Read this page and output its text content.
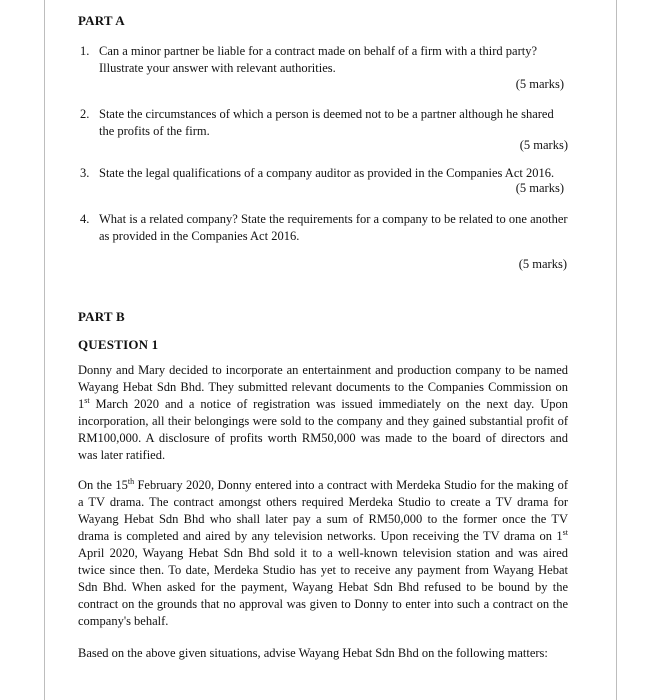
PART A
1. Can a minor partner be liable for a contract made on behalf of a firm with a third party?
Illustrate your answer with relevant authorities.
(5 marks)
2. State the circumstances of which a person is deemed not to be a partner although he shared
the profits of the firm.
(5 marks)
3. State the legal qualifications of a company auditor as provided in the Companies Act 2016.
(5 marks)
4. What is a related company? State the requirements for a company to be related to one another
as provided in the Companies Act 2016.
(5 marks)
PART B
QUESTION 1
Donny and Mary decided to incorporate an entertainment and production company to be named
Wayang Hebat Sdn Bhd. They submitted relevant documents to the Companies Commission on
1st March 2020 and a notice of registration was issued immediately on the next day. Upon
incorporation, all their belongings were sold to the company and they gained substantial profit of
RM100,000. A disclosure of profits worth RM50,000 was made to the board of directors and
was later ratified.
On the 15th February 2020, Donny entered into a contract with Merdeka Studio for the making of
a TV drama. The contract amongst others required Merdeka Studio to create a TV drama for
Wayang Hebat Sdn Bhd who shall later pay a sum of RM50,000 to the former once the TV
drama is completed and aired by any television networks. Upon receiving the TV drama on 1st
April 2020, Wayang Hebat Sdn Bhd sold it to a well-known television station and was aired
twice since then. To date, Merdeka Studio has yet to receive any payment from Wayang Hebat
Sdn Bhd. When asked for the payment, Wayang Hebat Sdn Bhd refused to be bound by the
contract on the grounds that no approval was given to Donny to enter into such a contract on the
company's behalf.
Based on the above given situations, advise Wayang Hebat Sdn Bhd on the following matters:
